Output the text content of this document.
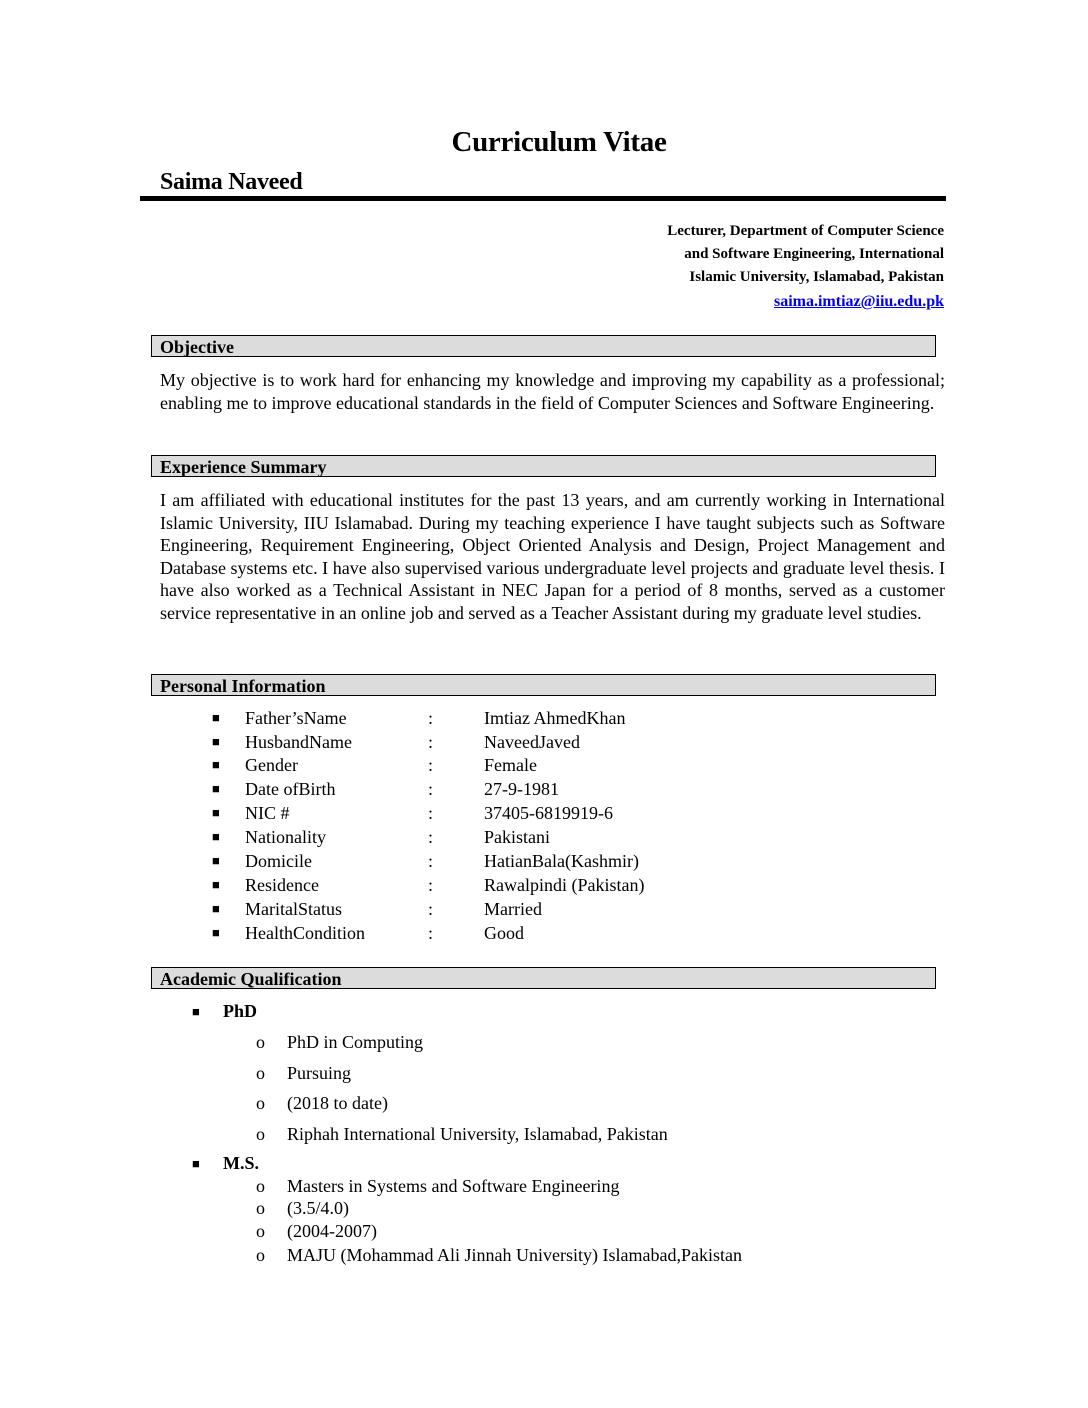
Curriculum Vitae
Saima Naveed
Lecturer, Department of Computer Science
and Software Engineering, International
Islamic University, Islamabad, Pakistan
saima.imtiaz@iiu.edu.pk
Objective
My objective is to work hard for enhancing my knowledge and improving my capability as a professional; enabling me to improve educational standards in the field of Computer Sciences and Software Engineering.
Experience Summary
I am affiliated with educational institutes for the past 13 years, and am currently working in International Islamic University, IIU Islamabad. During my teaching experience I have taught subjects such as Software Engineering, Requirement Engineering, Object Oriented Analysis and Design, Project Management and Database systems etc. I have also supervised various undergraduate level projects and graduate level thesis. I have also worked as a Technical Assistant in NEC Japan for a period of 8 months, served as a customer service representative in an online job and served as a Teacher Assistant during my graduate level studies.
Personal Information
■ Father’sName	:	Imtiaz AhmedKhan
■ HusbandName	:	NaveedJaved
■ Gender	:	Female
■ Date ofBirth	:	27-9-1981
■ NIC #	:	37405-6819919-6
■ Nationality	:	Pakistani
■ Domicile	:	HatianBala(Kashmir)
■ Residence	:	Rawalpindi (Pakistan)
■ MaritalStatus	:	Married
■ HealthCondition	:	Good
Academic Qualification
■ PhD
o PhD in Computing
o Pursuing
o (2018 to date)
o Riphah International University, Islamabad, Pakistan
■ M.S.
o Masters in Systems and Software Engineering
o (3.5/4.0)
o (2004-2007)
o MAJU (Mohammad Ali Jinnah University) Islamabad,Pakistan
